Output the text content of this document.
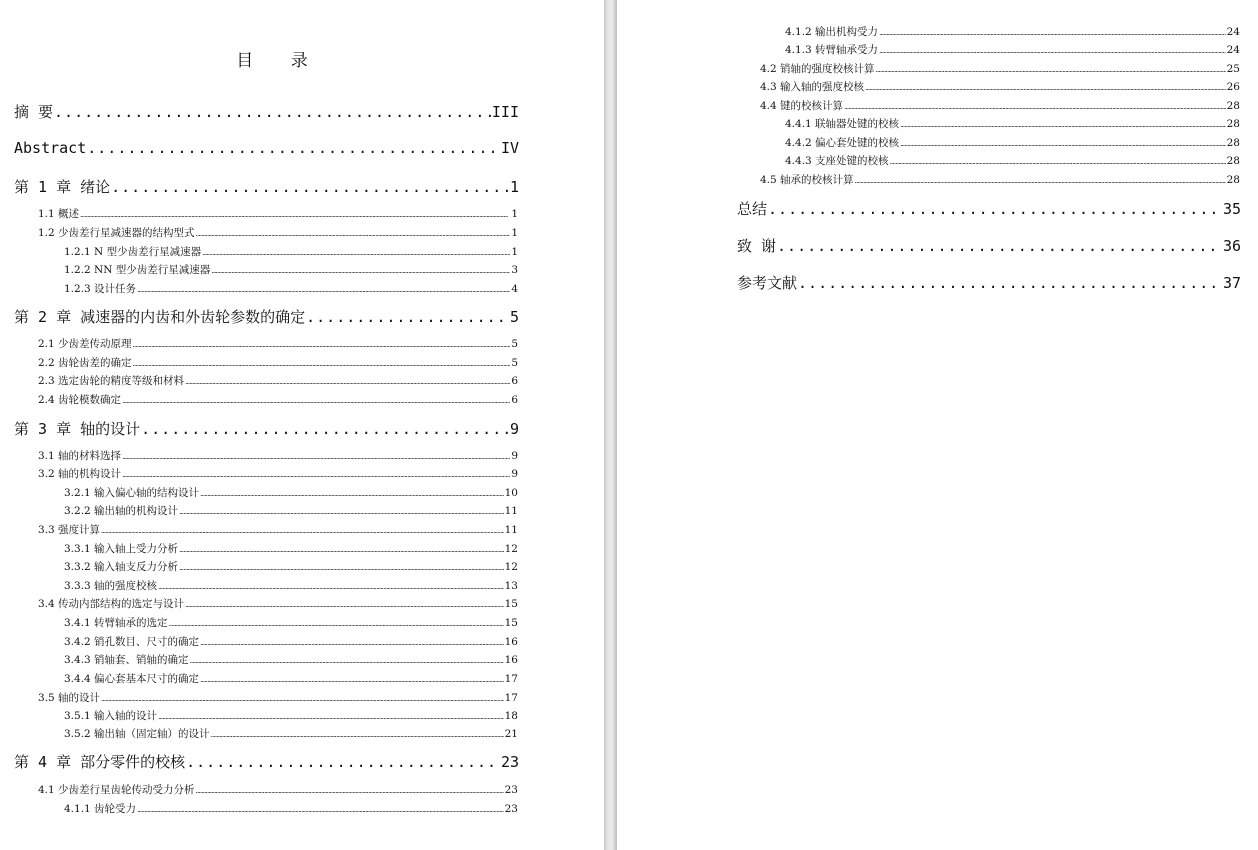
目 录
摘 要 .....	III
Abstract .....	IV
第 1 章 绪论 .....	1
1.1 概述 .....	1
1.2 少齿差行星减速器的结构型式 .....	1
1.2.1 N 型少齿差行星减速器 .....	1
1.2.2 NN 型少齿差行星减速器 .....	3
1.2.3 设计任务 .....	4
第 2 章 减速器的内齿和外齿轮参数的确定 .....	5
2.1 少齿差传动原理 .....	5
2.2 齿轮齿差的确定 .....	5
2.3 选定齿轮的精度等级和材料 .....	6
2.4 齿轮模数确定 .....	6
第 3 章 轴的设计 .....	9
3.1 轴的材料选择 .....	9
3.2 轴的机构设计 .....	9
3.2.1 输入偏心轴的结构设计 .....	10
3.2.2 输出轴的机构设计 .....	11
3.3 强度计算 .....	11
3.3.1 输入轴上受力分析 .....	12
3.3.2 输入轴支反力分析 .....	12
3.3.3 轴的强度校核 .....	13
3.4 传动内部结构的选定与设计 .....	15
3.4.1 转臂轴承的选定 .....	15
3.4.2 销孔数目、尺寸的确定 .....	16
3.4.3 销轴套、销轴的确定 .....	16
3.4.4 偏心套基本尺寸的确定 .....	17
3.5 轴的设计 .....	17
3.5.1 输入轴的设计 .....	18
3.5.2 输出轴（固定轴）的设计 .....	21
第 4 章 部分零件的校核 .....	23
4.1 少齿差行星齿轮传动受力分析 .....	23
4.1.1 齿轮受力 .....	23
4.1.2 输出机构受力 .....	24
4.1.3 转臂轴承受力 .....	24
4.2 销轴的强度校核计算 .....	25
4.3 输入轴的强度校核 .....	26
4.4 键的校核计算 .....	28
4.4.1 联轴器处键的校核 .....	28
4.4.2 偏心套处键的校核 .....	28
4.4.3 支座处键的校核 .....	28
4.5 轴承的校核计算 .....	28
总结 .....	35
致 谢 .....	36
参考文献 .....	37
